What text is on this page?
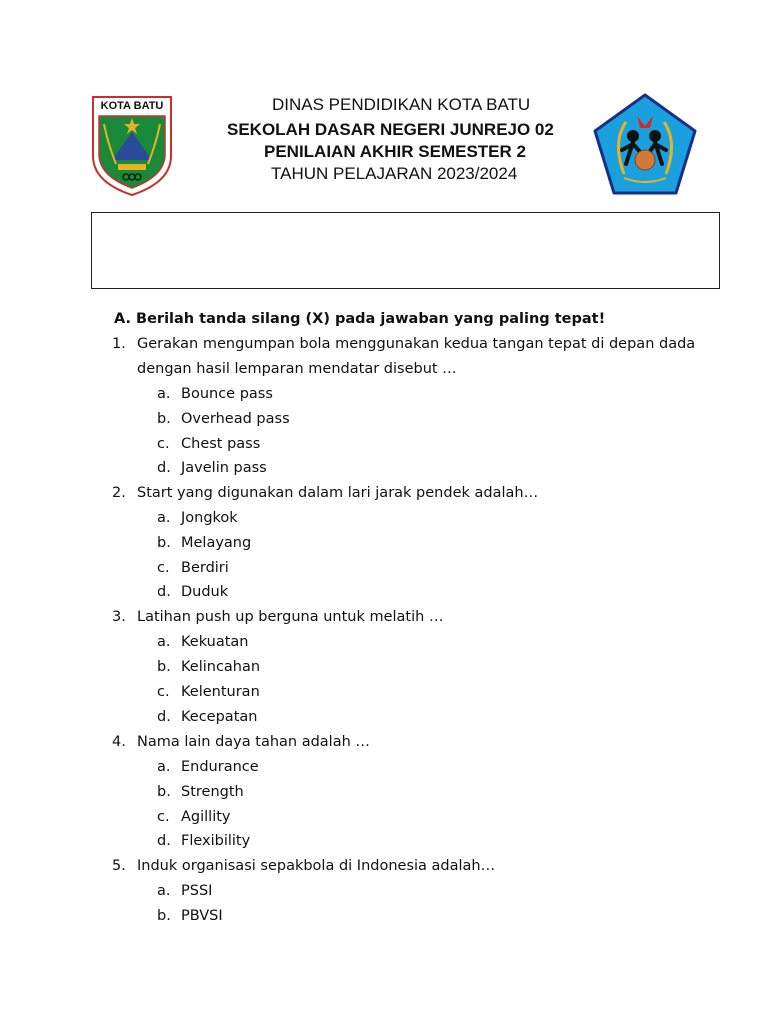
KOTA BATU	DINAS PENDIDIKAN KOTA BATU
SEKOLAH DASAR NEGERI JUNREJO 02
PENILAIAN AKHIR SEMESTER 2
TAHUN PELAJARAN 2023/2024
A. Berilah tanda silang (X) pada jawaban yang paling tepat!
1. Gerakan mengumpan bola menggunakan kedua tangan tepat di depan dada
dengan hasil lemparan mendatar disebut …
a. Bounce pass
b. Overhead pass
c. Chest pass
d. Javelin pass
2. Start yang digunakan dalam lari jarak pendek adalah…
a. Jongkok
b. Melayang
c. Berdiri
d. Duduk
3. Latihan push up berguna untuk melatih …
a. Kekuatan
b. Kelincahan
c. Kelenturan
d. Kecepatan
4. Nama lain daya tahan adalah …
a. Endurance
b. Strength
c. Agillity
d. Flexibility
5. Induk organisasi sepakbola di Indonesia adalah…
a. PSSI
b. PBVSI
